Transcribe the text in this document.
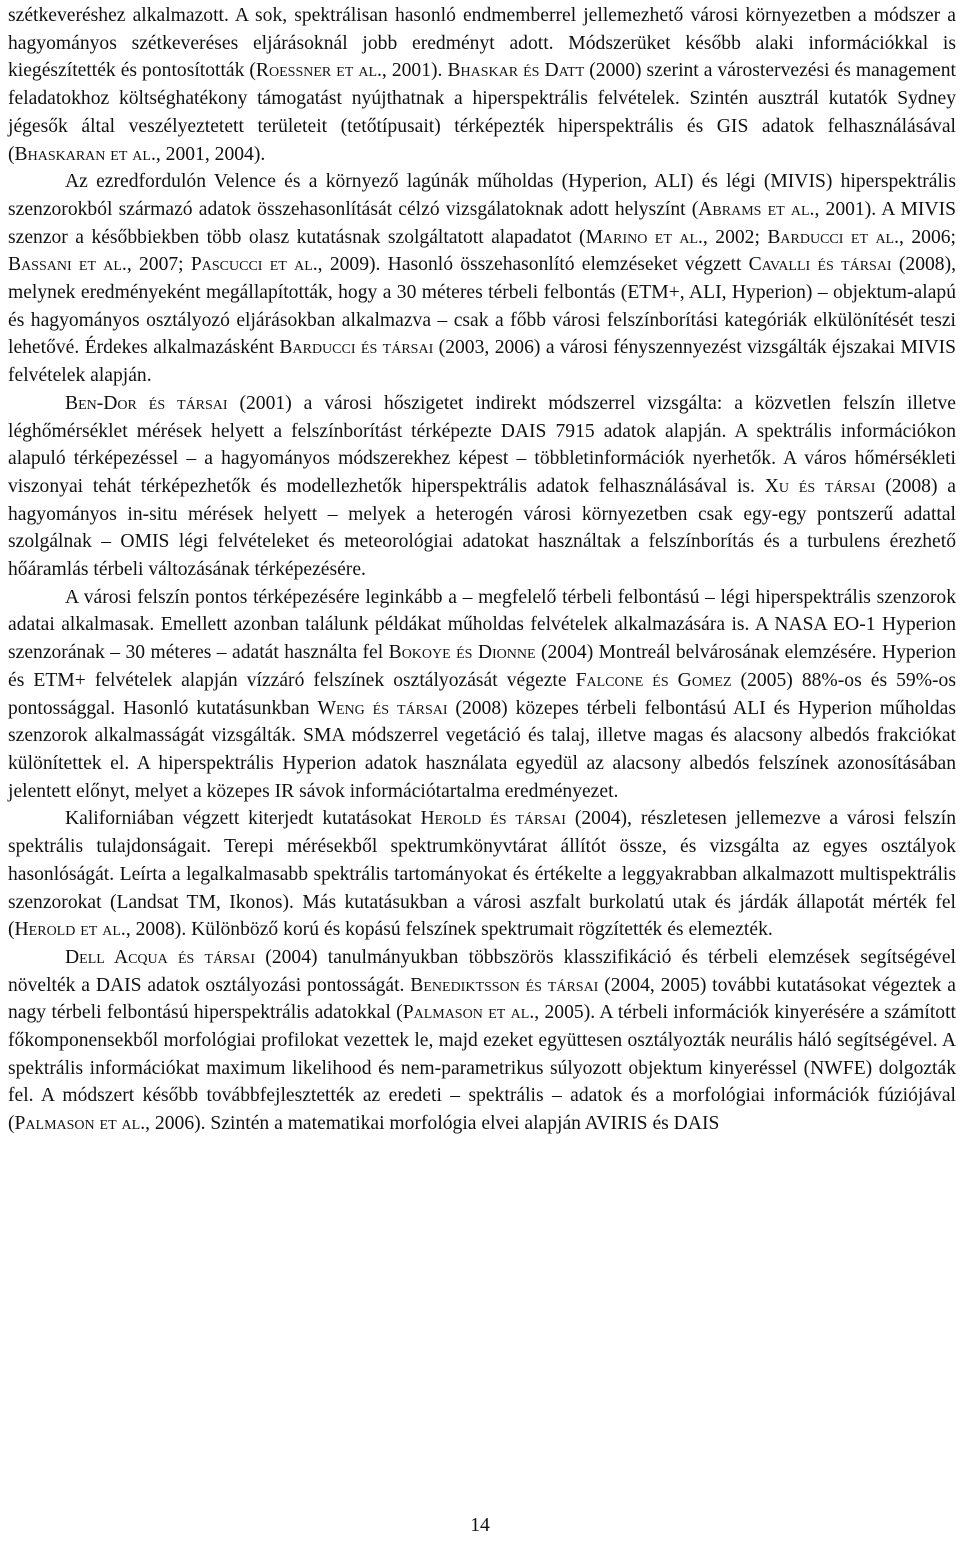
szétkeveréshez alkalmazott. A sok, spektrálisan hasonló endmemberrel jellemezhető városi környezetben a módszer a hagyományos szétkeveréses eljárásoknál jobb eredményt adott. Módszerüket később alaki információkkal is kiegészítették és pontosították (Roessner et al., 2001). Bhaskar és Datt (2000) szerint a várostervezési és management feladatokhoz költséghatékony támogatást nyújthatnak a hiperspektrális felvételek. Szintén ausztrál kutatók Sydney jégesők által veszélyeztetett területeit (tetőtípusait) térképezték hiperspektrális és GIS adatok felhasználásával (Bhaskaran et al., 2001, 2004).

Az ezredfordulón Velence és a környező lagúnák műholdas (Hyperion, ALI) és légi (MIVIS) hiperspektrális szenzorokból származó adatok összehasonlítását célzó vizsgálatoknak adott helyszínt (Abrams et al., 2001). A MIVIS szenzor a későbbiekben több olasz kutatásnak szolgáltatott alapadatot (Marino et al., 2002; Barducci et al., 2006; Bassani et al., 2007; Pascucci et al., 2009). Hasonló összehasonlító elemzéseket végzett Cavalli és társai (2008), melynek eredményeként megállapították, hogy a 30 méteres térbeli felbontás (ETM+, ALI, Hyperion) – objektum-alapú és hagyományos osztályozó eljárásokban alkalmazva – csak a főbb városi felszínborítási kategóriák elkülönítését teszi lehetővé. Érdekes alkalmazásként Barducci és társai (2003, 2006) a városi fényszennyezést vizsgálták éjszakai MIVIS felvételek alapján.

Ben-Dor és társai (2001) a városi hőszigetet indirekt módszerrel vizsgálta: a közvetlen felszín illetve léghőmérséklet mérések helyett a felszínborítást térképezte DAIS 7915 adatok alapján. A spektrális információkon alapuló térképezéssel – a hagyományos módszerekhez képest – többletinformációk nyerhetők. A város hőmérsékleti viszonyai tehát térképezhetők és modellezhetők hiperspektrális adatok felhasználásával is. Xu és társai (2008) a hagyományos in-situ mérések helyett – melyek a heterogén városi környezetben csak egy-egy pontszerű adattal szolgálnak – OMIS légi felvételeket és meteorológiai adatokat használtak a felszínborítás és a turbulens érezhető hőáramlás térbeli változásának térképezésére.

A városi felszín pontos térképezésére leginkább a – megfelelő térbeli felbontású – légi hiperspektrális szenzorok adatai alkalmasak. Emellett azonban találunk példákat műholdas felvételek alkalmazására is. A NASA EO-1 Hyperion szenzorának – 30 méteres – adatát használta fel Bokoye és Dionne (2004) Montreál belvárosának elemzésére. Hyperion és ETM+ felvételek alapján vízzáró felszínek osztályozását végezte Falcone és Gomez (2005) 88%-os és 59%-os pontossággal. Hasonló kutatásunkban Weng és társai (2008) közepes térbeli felbontású ALI és Hyperion műholdas szenzorok alkalmasságát vizsgálták. SMA módszerrel vegetáció és talaj, illetve magas és alacsony albedós frakciókat különítettek el. A hiperspektrális Hyperion adatok használata egyedül az alacsony albedós felszínek azonosításában jelentett előnyt, melyet a közepes IR sávok információtartalma eredményezet.

Kaliforniában végzett kiterjedt kutatásokat Herold és társai (2004), részletesen jellemezve a városi felszín spektrális tulajdonságait. Terepi mérésekből spektrumkönyvtárat állítót össze, és vizsgálta az egyes osztályok hasonlóságát. Leírta a legalkalmasabb spektrális tartományokat és értékelte a leggyakrabban alkalmazott multispektrális szenzorokat (Landsat TM, Ikonos). Más kutatásukban a városi aszfalt burkolatú utak és járdák állapotát mérték fel (Herold et al., 2008). Különböző korú és kopású felszínek spektrumait rögzítették és elemezték.

Dell Acqua és társai (2004) tanulmányukban többszörös klasszifikáció és térbeli elemzések segítségével növelték a DAIS adatok osztályozási pontosságát. Benediktsson és társai (2004, 2005) további kutatásokat végeztek a nagy térbeli felbontású hiperspektrális adatokkal (Palmason et al., 2005). A térbeli információk kinyerésére a számított főkomponensekből morfológiai profilokat vezettek le, majd ezeket együttesen osztályozták neurális háló segítségével. A spektrális információkat maximum likelihood és nem-parametrikus súlyozott objektum kinyeréssel (NWFE) dolgozták fel. A módszert később továbbfejlesztették az eredeti – spektrális – adatok és a morfológiai információk fúziójával (Palmason et al., 2006). Szintén a matematikai morfológia elvei alapján AVIRIS és DAIS

14
